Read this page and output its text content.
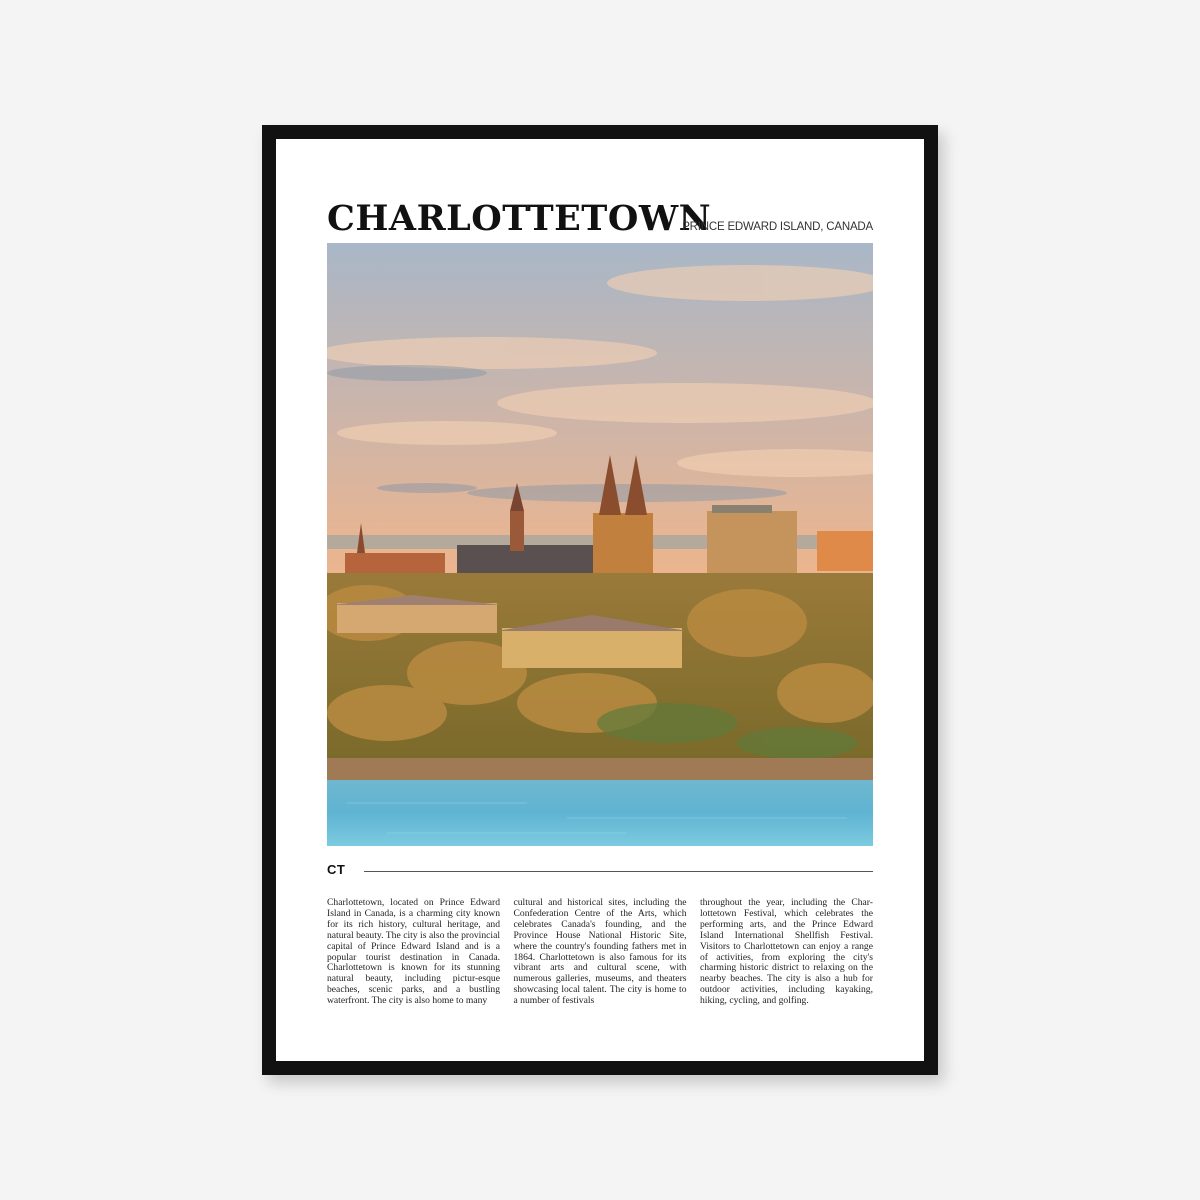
CHARLOTTETOWN
PRINCE EDWARD ISLAND, CANADA
CT

Charlottetown, located on Prince Edward Island in Canada, is a charming city known for its rich history, cultural heritage, and natural beauty. The city is also the provincial capital of Prince Edward Island and is a popular tourist destination in Canada. Charlottetown is known for its stunning natural beauty, including pictur-esque beaches, scenic parks, and a bustling waterfront. The city is also home to many

cultural and historical sites, including the Confederation Centre of the Arts, which celebrates Canada's founding, and the Province House National Historic Site, where the country's founding fathers met in 1864. Charlottetown is also famous for its vibrant arts and cultural scene, with numerous galleries, museums, and theaters showcasing local talent. The city is home to a number of festivals

throughout the year, including the Char-lottetown Festival, which celebrates the performing arts, and the Prince Edward Island International Shellfish Festival. Visitors to Charlottetown can enjoy a range of activities, from exploring the city's charming historic district to relaxing on the nearby beaches. The city is also a hub for outdoor activities, including kayaking, hiking, cycling, and golfing.
